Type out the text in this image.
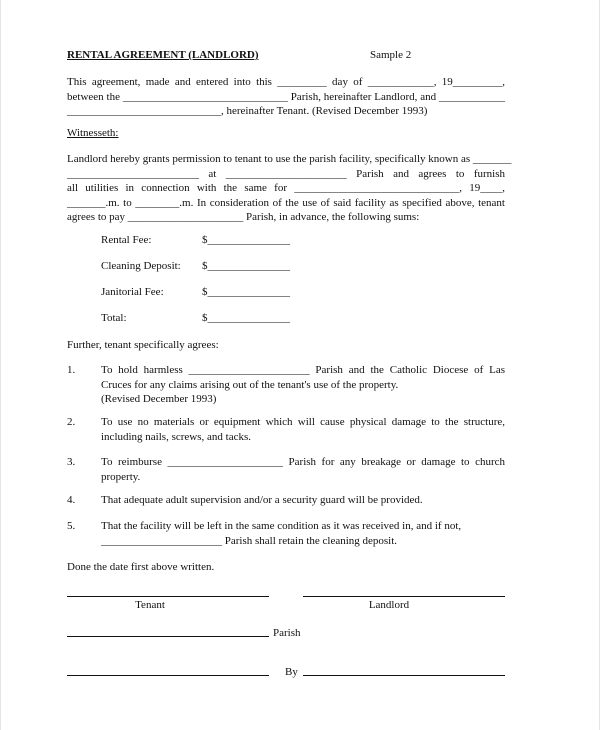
RENTAL AGREEMENT (LANDLORD)	Sample 2
This agreement, made and entered into this _________ day of ____________, 19_________,
between the ______________________________ Parish, hereinafter Landlord, and ____________
____________________________, hereinafter Tenant. (Revised December 1993)
Witnesseth:
Landlord hereby grants permission to tenant to use the parish facility, specifically known as _______
________________________ at ______________________ Parish and agrees to furnish
all utilities in connection with the same for ______________________________, 19____,
_______.m. to ________.m. In consideration of the use of said facility as specified above, tenant
agrees to pay _____________________ Parish, in advance, the following sums:
Rental Fee:	$_______________
Cleaning Deposit: $_______________
Janitorial Fee:	$_______________
Total:	$_______________
Further, tenant specifically agrees:
1. To hold harmless ______________________ Parish and the Catholic Diocese of Las
Cruces for any claims arising out of the tenant's use of the property.
(Revised December 1993)
2. To use no materials or equipment which will cause physical damage to the structure,
including nails, screws, and tacks.
3. To reimburse _____________________ Parish for any breakage or damage to church
property.
4. That adequate adult supervision and/or a security guard will be provided.
5. That the facility will be left in the same condition as it was received in, and if not,
______________________ Parish shall retain the cleaning deposit.
Done the date first above written.
Tenant	Landlord
Parish
By
